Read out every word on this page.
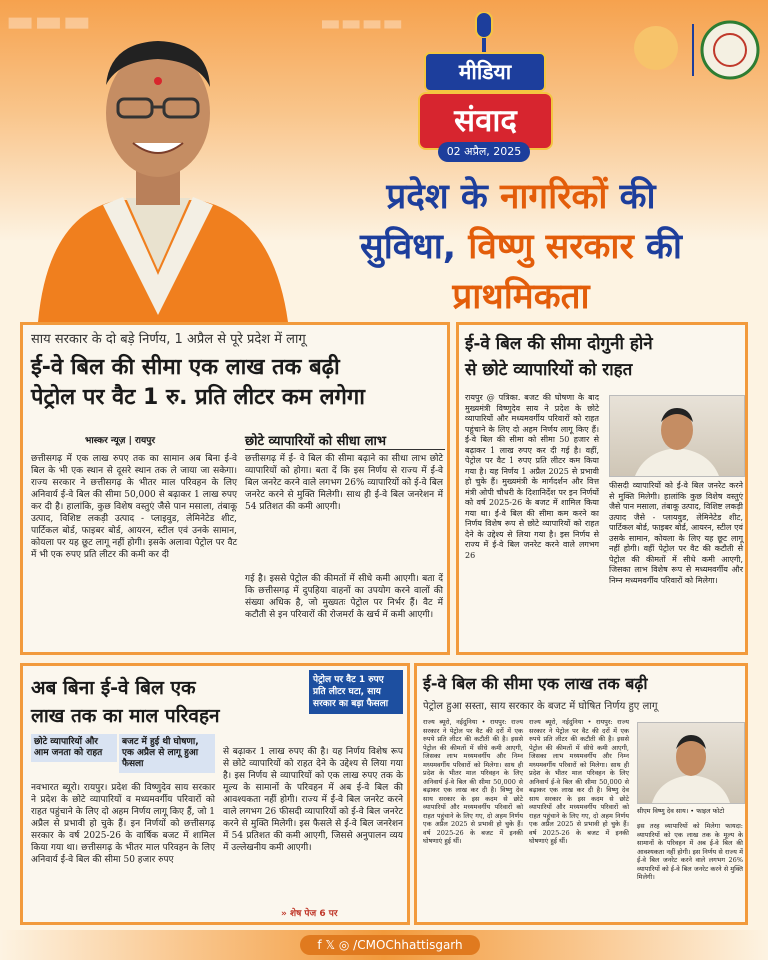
▬▬▬	▬▬▬▬
मीडिया
संवाद
02 अप्रैल, 2025
प्रदेश के नागरिकों की
सुविधा, विष्णु सरकार की
प्राथमिकता
साय सरकार के दो बड़े निर्णय, 1 अप्रैल से पूरे प्रदेश में लागू
ई-वे बिल की सीमा एक लाख तक बढ़ी
पेट्रोल पर वैट 1 रु. प्रति लीटर कम लगेगा
भास्कर न्यूज़ | रायपुर	छोटे व्यापारियों को सीधा लाभ

छत्तीसगढ़ में एक लाख रुपए तक का सामान अब बिना ई-वे बिल के भी एक स्थान से दूसरे स्थान तक ले जाया जा सकेगा। राज्य सरकार ने छत्तीसगढ़ के भीतर माल परिवहन के लिए अनिवार्य ई-वे बिल की सीमा 50,000 से बढ़ाकर 1 लाख रुपए कर दी है। हालांकि, कुछ विशेष वस्तुएं जैसे पान मसाला, तंबाकू उत्पाद, विशिष्ट लकड़ी उत्पाद - प्लाइवुड, लेमिनेटेड शीट, पार्टिकल बोर्ड, फाइबर बोर्ड, आयरन, स्टील एवं उनके सामान, कोयला पर यह छूट लागू नहीं होगी। इसके अलावा पेट्रोल पर वैट में भी एक रुपए प्रति लीटर की कमी कर दी

छत्तीसगढ़ में ई- वे बिल की सीमा बढ़ाने का सीधा लाभ छोटे व्यापारियों को होगा। बता दें कि इस निर्णय से राज्य में ई-वे बिल जनरेट करने वाले लगभग 26% व्यापारियों को ई-वे बिल जनरेट करने से मुक्ति मिलेगी। साथ ही ई-वे बिल जनरेशन में 54 प्रतिशत की कमी आएगी।

गई है। इससे पेट्रोल की कीमतों में सीधे कमी आएगी। बता दें कि छत्तीसगढ़ में दुपहिया वाहनों का उपयोग करने वालों की संख्या अधिक है, जो मुख्यतः पेट्रोल पर निर्भर हैं। वैट में कटौती से इन परिवारों की रोजमर्रा के खर्च में कमी आएगी।

ई-वे बिल की सीमा दोगुनी होने
से छोटे व्यापारियों को राहत

रायपुर @ पत्रिका. बजट की घोषणा के बाद मुख्यमंत्री विष्णुदेव साय ने प्रदेश के छोटे व्यापारियों और मध्यमवर्गीय परिवारों को राहत पहुंचाने के लिए दो अहम निर्णय लागू किए हैं। ई-वे बिल की सीमा को सीमा 50 हजार से बढ़ाकर 1 लाख रुपए कर दी गई है। वहीं, पेट्रोल पर वैट 1 रुपए प्रति लीटर कम किया गया है। यह निर्णय 1 अप्रैल 2025 से प्रभावी हो चुके हैं। मुख्यमंत्री के मार्गदर्शन और वित्त मंत्री ओपी चौधरी के दिशानिर्देश पर इन निर्णयों को वर्ष 2025-26 के बजट में शामिल किया गया था। ई-वे बिल की सीमा कम करने का निर्णय विशेष रूप से छोटे व्यापारियों को राहत देने के उद्देश्य से लिया गया है। इस निर्णय से राज्य में ई-वे बिल जनरेट करने वाले लगभग 26

फीसदी व्यापारियों को ई-वे बिल जनरेट करने से मुक्ति मिलेगी। हालांकि कुछ विशेष वस्तुएं जैसे पान मसाला, तंबाकू उत्पाद, विशिष्ट लकड़ी उत्पाद जैसे - प्लायवुड, लेमिनेटेड शीट, पार्टिकल बोर्ड, फाइबर बोर्ड, आयरन, स्टील एवं उसके सामान, कोयला के लिए यह छूट लागू नहीं होगी। वहीं पेट्रोल पर वैट की कटौती से पेट्रोल की कीमतों में सीधे कमी आएगी, जिसका लाभ विशेष रूप से मध्यमवर्गीय और निम्न मध्यमवर्गीय परिवारों को मिलेगा।

अब बिना ई-वे बिल एक
लाख तक का माल परिवहन
पेट्रोल पर वैट 1 रुपए प्रति लीटर घटा, साय सरकार का बड़ा फैसला
छोटे व्यापारियों और आम जनता को राहत
बजट में हुई थी घोषणा, एक अप्रैल से लागू हुआ फैसला

नवभारत ब्यूरो। रायपुर। प्रदेश की विष्णुदेव साय सरकार ने प्रदेश के छोटे व्यापारियों व मध्यमवर्गीय परिवारों को राहत पहुंचाने के लिए दो अहम निर्णय लागू किए हैं, जो 1 अप्रैल से प्रभावी हो चुके हैं। इन निर्णयों को छत्तीसगढ़ सरकार के वर्ष 2025-26 के वार्षिक बजट में शामिल किया गया था। छत्तीसगढ़ के भीतर माल परिवहन के लिए अनिवार्य ई-वे बिल की सीमा 50 हजार रुपए

से बढ़ाकर 1 लाख रुपए की है। यह निर्णय विशेष रूप से छोटे व्यापारियों को राहत देने के उद्देश्य से लिया गया है। इस निर्णय से व्यापारियों को एक लाख रुपए तक के मूल्य के सामानों के परिवहन में अब ई-वे बिल की आवश्यकता नहीं होगी। राज्य में ई-वे बिल जनरेट करने वाले लगभग 26 फीसदी व्यापारियों को ई-वे बिल जनरेट करने से मुक्ति मिलेगी। इस फैसले से ई-वे बिल जनरेशन में 54 प्रतिशत की कमी आएगी, जिससे अनुपालन व्यय में उल्लेखनीय कमी आएगी।

» शेष पेज 6 पर
ई-वे बिल की सीमा एक लाख तक बढ़ी
पेट्रोल हुआ सस्ता, साय सरकार के बजट में घोषित निर्णय हुए लागू

राज्य ब्यूरो, नईदुनिया • रायपुर: राज्य सरकार ने पेट्रोल पर वैट की दरों में एक रुपये प्रति लीटर की कटौती की है। इससे पेट्रोल की कीमतों में सीधे कमी आएगी, जिसका लाभ मध्यमवर्गीय और निम्न मध्यमवर्गीय परिवारों को मिलेगा। साथ ही प्रदेश के भीतर माल परिवहन के लिए अनिवार्य ई-वे बिल की सीमा 50,000 से बढ़ाकर एक लाख कर दी है। विष्णु देव साय सरकार के इस कदम से छोटे व्यापारियों और मध्यमवर्गीय परिवारों को राहत पहुंचाने के लिए गए, दो अहम निर्णय एक अप्रैल 2025 से प्रभावी हो चुके हैं। वर्ष 2025-26 के बजट में इनकी घोषणाएं हुई थीं।

राज्य ब्यूरो, नईदुनिया • रायपुर: राज्य सरकार ने पेट्रोल पर वैट की दरों में एक रुपये प्रति लीटर की कटौती की है। इससे पेट्रोल की कीमतों में सीधे कमी आएगी, जिसका लाभ मध्यमवर्गीय और निम्न मध्यमवर्गीय परिवारों को मिलेगा। साथ ही प्रदेश के भीतर माल परिवहन के लिए अनिवार्य ई-वे बिल की सीमा 50,000 से बढ़ाकर एक लाख कर दी है। विष्णु देव साय सरकार के इस कदम से छोटे व्यापारियों और मध्यमवर्गीय परिवारों को राहत पहुंचाने के लिए गए, दो अहम निर्णय एक अप्रैल 2025 से प्रभावी हो चुके हैं। वर्ष 2025-26 के बजट में इनकी घोषणाएं हुई थीं।

सीएम विष्णु देव साय। • फाइल फोटो

इस तरह व्यापारियों को मिलेगा फायदा: व्यापारियों को एक लाख तक के मूल्य के सामानों के परिवहन में अब ई-वे बिल की आवश्यकता नहीं होगी। इस निर्णय से राज्य में ई-वे बिल जनरेट करने वाले लगभग 26% व्यापारियों को ई-वे बिल जनरेट करने से मुक्ति मिलेगी।

f 𝕏 ◎ /CMOChhattisgarh
